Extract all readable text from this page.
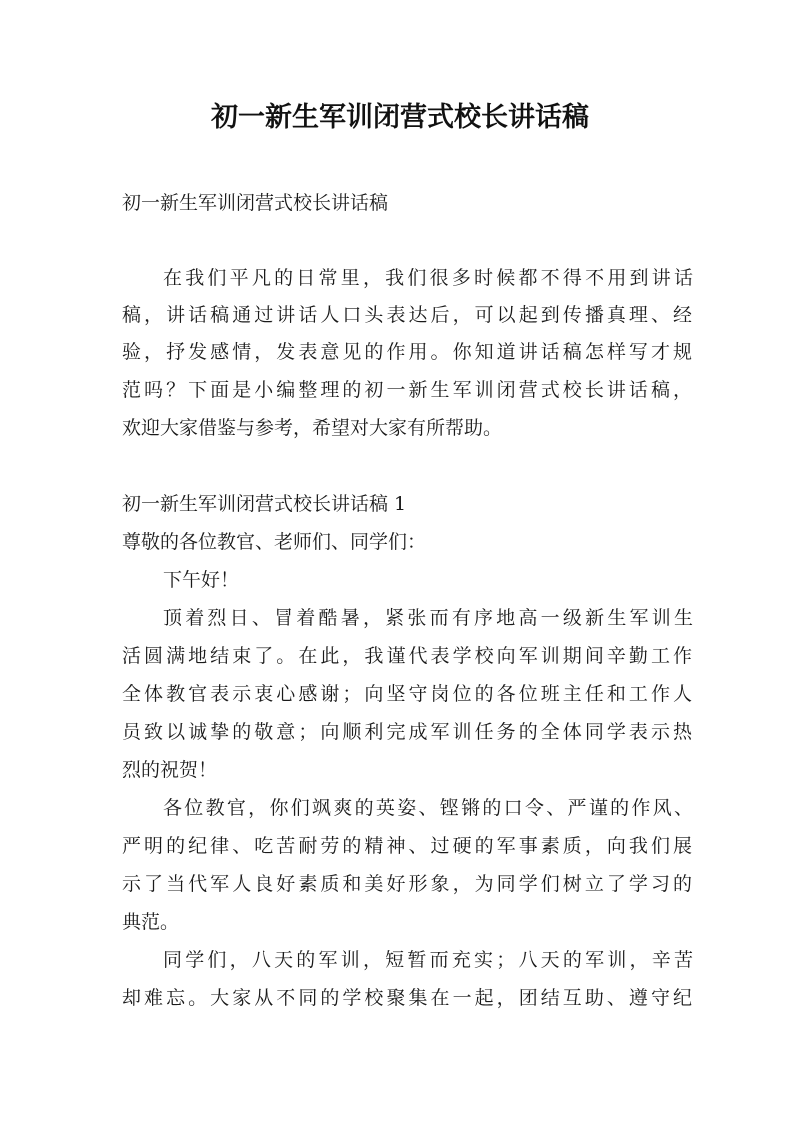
初一新生军训闭营式校长讲话稿
初一新生军训闭营式校长讲话稿
在我们平凡的日常里，我们很多时候都不得不用到讲话
稿，讲话稿通过讲话人口头表达后，可以起到传播真理、经
验，抒发感情，发表意见的作用。你知道讲话稿怎样写才规
范吗？下面是小编整理的初一新生军训闭营式校长讲话稿，
欢迎大家借鉴与参考，希望对大家有所帮助。
初一新生军训闭营式校长讲话稿 1
尊敬的各位教官、老师们、同学们：
下午好！
顶着烈日、冒着酷暑，紧张而有序地高一级新生军训生
活圆满地结束了。在此，我谨代表学校向军训期间辛勤工作
全体教官表示衷心感谢；向坚守岗位的各位班主任和工作人
员致以诚挚的敬意；向顺利完成军训任务的全体同学表示热
烈的祝贺！
各位教官，你们飒爽的英姿、铿锵的口令、严谨的作风、
严明的纪律、吃苦耐劳的精神、过硬的军事素质，向我们展
示了当代军人良好素质和美好形象，为同学们树立了学习的
典范。
同学们，八天的军训，短暂而充实；八天的军训，辛苦
却难忘。大家从不同的学校聚集在一起，团结互助、遵守纪
